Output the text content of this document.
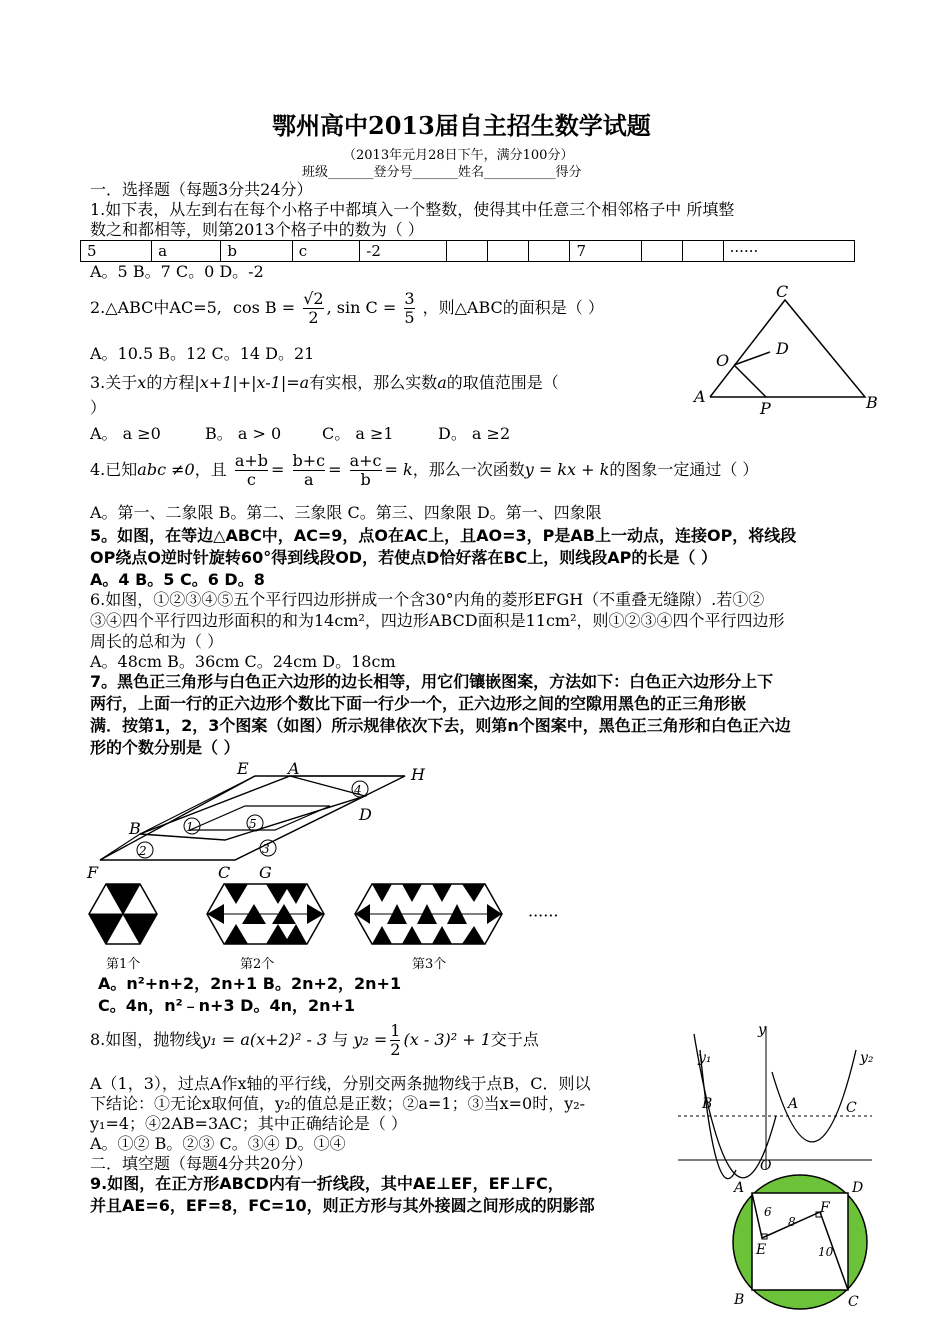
鄂州高中2013届自主招生数学试题
（2013年元月28日下午，满分100分）
班级_______登分号_______姓名___________得分
一．选择题（每题3分共24分）
1.如下表，从左到右在每个小格子中都填入一个整数，使得其中任意三个相邻格子中 所填整
数之和都相等，则第2013个格子中的数为（ ）
5	a	b	c	-2				7			······
A。5 B。7 C。0 D。-2
2.△ABC中AC=5, $\cos B = \frac{√2}{2}$ , $\sin C = \frac{3}{5}$ ，则△ABC的面积是（ ）
A。10.5 B。12 C。14 D。21
C
D
O
A
P	B
3.关于x的方程|x+1|+|x-1|=a有实根，那么实数a的取值范围是（
）
A。 a ≥0	B。 a > 0	C。 a ≥1	D。 a ≥2
4.已知abc ≠0，且 $\frac{a+b}{c} = \frac{b+c}{a} = \frac{a+c}{b} = k$，那么一次函数y = kx + k的图象一定通过（ ）
A。第一、二象限 B。第二、三象限 C。第三、四象限 D。第一、四象限
5。如图，在等边△ABC中，AC=9，点O在AC上，且AO=3，P是AB上一动点，连接OP，将线段
OP绕点O逆时针旋转60°得到线段OD，若使点D恰好落在BC上，则线段AP的长是（ ）
A。4 B。5 C。6 D。8
6.如图，①②③④⑤五个平行四边形拼成一个含30°内角的菱形EFGH（不重叠无缝隙）.若①②
③④四个平行四边形面积的和为14cm²，四边形ABCD面积是11cm²，则①②③④四个平行四边形
周长的总和为（ ）
A。48cm B。36cm C。24cm D。18cm
7。黑色正三角形与白色正六边形的边长相等，用它们镶嵌图案，方法如下：白色正六边形分上下
两行，上面一行的正六边形个数比下面一行少一个，正六边形之间的空隙用黑色的正三角形嵌
满．按第1，2，3个图案（如图）所示规律依次下去，则第n个图案中，黑色正三角形和白色正六边
形的个数分别是（ ）
1
2	3
4
5
E A	H
B
D
F	C G
······
第1个	第2个	第3个
A。n²+n+2，2n+1 B。2n+2，2n+1
C。4n，n²﹣n+3 D。4n，2n+1
8.如图，抛物线y₁ = a(x+2)² - 3 与 $y_2 = \frac{1}{2} (x - 3)^2 + 1$交于点
A（1，3），过点A作x轴的平行线，分别交两条抛物线于点B，C．则以
下结论：①无论x取何值，y₂的值总是正数；②a=1；③当x=0时，y₂-
y₁=4；④2AB=3AC；其中正确结论是（ ）
A。①② B。②③ C。③④ D。①④
y
y₁	y₂
B	A	C
O
二．填空题（每题4分共20分）
9.如图，在正方形ABCD内有一折线段，其中AE⊥EF，EF⊥FC，
并且AE=6，EF=8，FC=10，则正方形与其外接圆之间形成的阴影部
A	D
B	C
E
F
6
8
10
